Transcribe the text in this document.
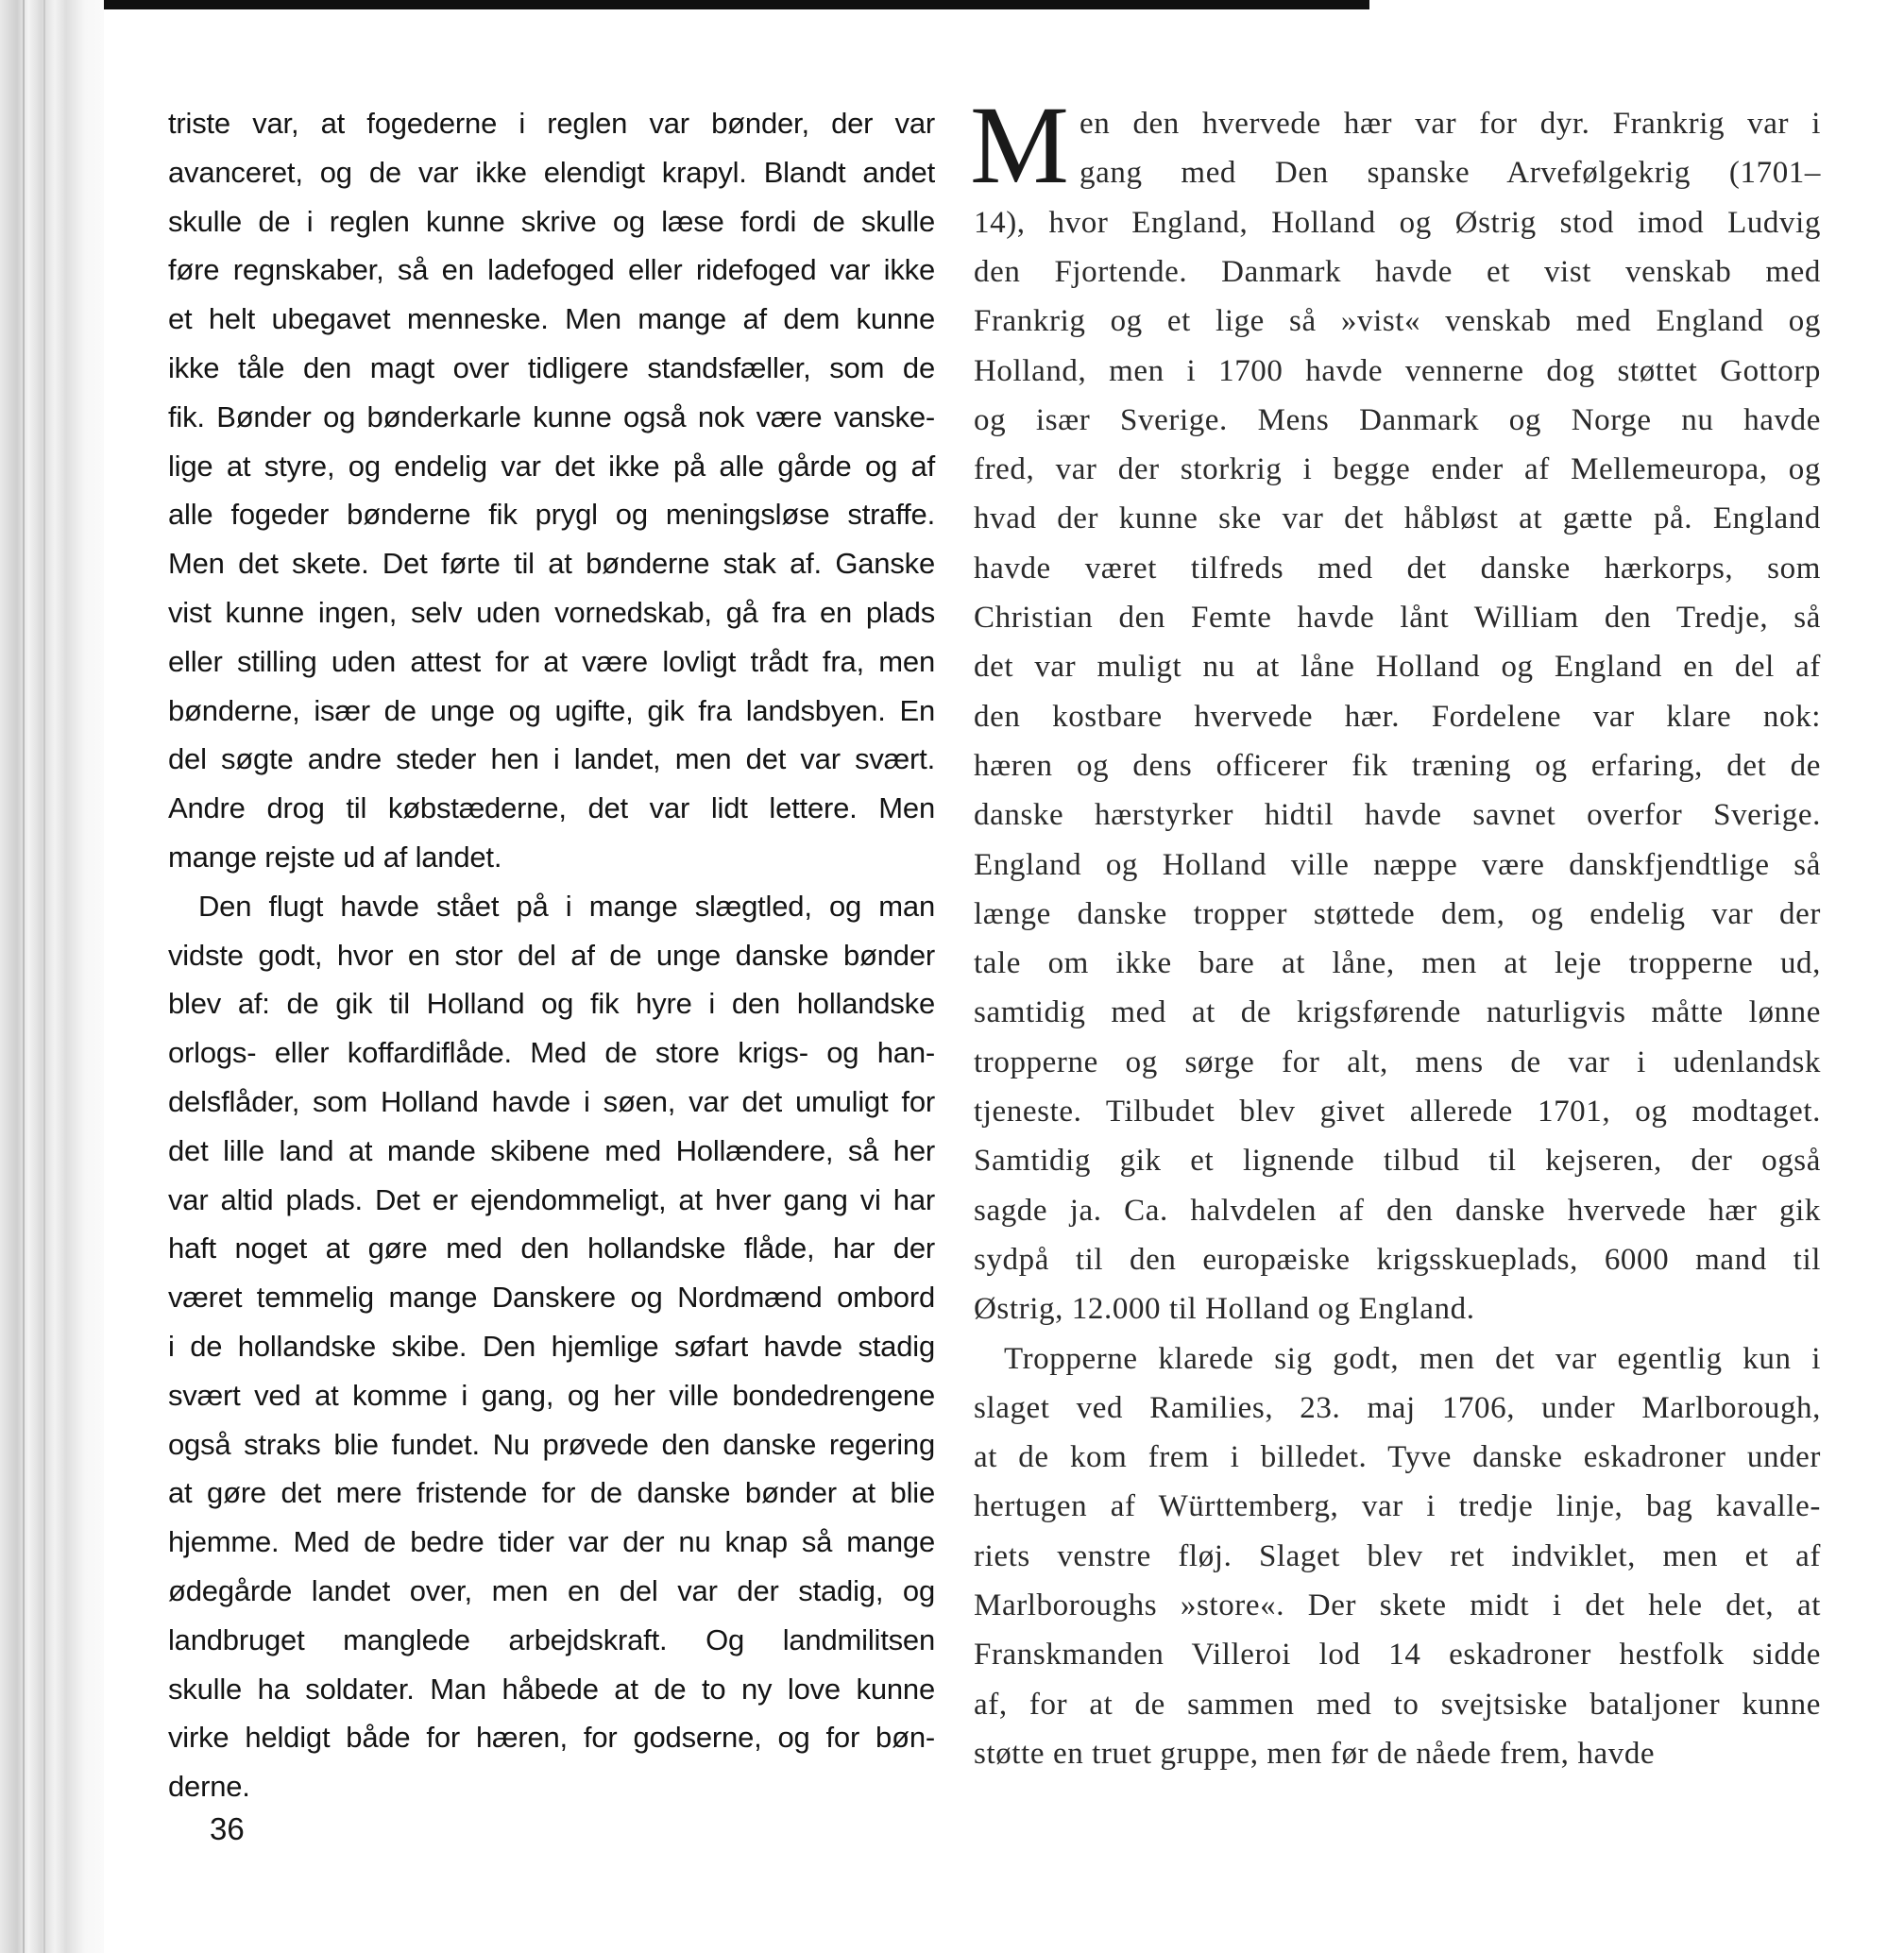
triste var, at fogederne i reglen var bønder, der var
avanceret, og de var ikke elendigt krapyl. Blandt andet
skulle de i reglen kunne skrive og læse fordi de skulle
føre regnskaber, så en ladefoged eller ridefoged var ikke
et helt ubegavet menneske. Men mange af dem kunne
ikke tåle den magt over tidligere standsfæller, som de
fik. Bønder og bønderkarle kunne også nok være vanske-
lige at styre, og endelig var det ikke på alle gårde og af
alle fogeder bønderne fik prygl og meningsløse straffe.
Men det skete. Det førte til at bønderne stak af. Ganske
vist kunne ingen, selv uden vornedskab, gå fra en plads
eller stilling uden attest for at være lovligt trådt fra, men
bønderne, især de unge og ugifte, gik fra landsbyen. En
del søgte andre steder hen i landet, men det var svært.
Andre drog til købstæderne, det var lidt lettere. Men
mange rejste ud af landet.
Den flugt havde stået på i mange slægtled, og man
vidste godt, hvor en stor del af de unge danske bønder
blev af: de gik til Holland og fik hyre i den hollandske
orlogs- eller koffardiflåde. Med de store krigs- og han-
delsflåder, som Holland havde i søen, var det umuligt for
det lille land at mande skibene med Hollændere, så her
var altid plads. Det er ejendommeligt, at hver gang vi har
haft noget at gøre med den hollandske flåde, har der
været temmelig mange Danskere og Nordmænd ombord
i de hollandske skibe. Den hjemlige søfart havde stadig
svært ved at komme i gang, og her ville bondedrengene
også straks blie fundet. Nu prøvede den danske regering
at gøre det mere fristende for de danske bønder at blie
hjemme. Med de bedre tider var der nu knap så mange
ødegårde landet over, men en del var der stadig, og
landbruget manglede arbejdskraft. Og landmilitsen
skulle ha soldater. Man håbede at de to ny love kunne
virke heldigt både for hæren, for godserne, og for bøn-
derne.
M en den hvervede hær var for dyr. Frankrig var i
gang med Den spanske Arvefølgekrig (1701–
14), hvor England, Holland og Østrig stod imod Ludvig
den Fjortende. Danmark havde et vist venskab med
Frankrig og et lige så »vist« venskab med England og
Holland, men i 1700 havde vennerne dog støttet Gottorp
og især Sverige. Mens Danmark og Norge nu havde
fred, var der storkrig i begge ender af Mellemeuropa, og
hvad der kunne ske var det håbløst at gætte på. England
havde været tilfreds med det danske hærkorps, som
Christian den Femte havde lånt William den Tredje, så
det var muligt nu at låne Holland og England en del af
den kostbare hvervede hær. Fordelene var klare nok:
hæren og dens officerer fik træning og erfaring, det de
danske hærstyrker hidtil havde savnet overfor Sverige.
England og Holland ville næppe være danskfjendtlige så
længe danske tropper støttede dem, og endelig var der
tale om ikke bare at låne, men at leje tropperne ud,
samtidig med at de krigsførende naturligvis måtte lønne
tropperne og sørge for alt, mens de var i udenlandsk
tjeneste. Tilbudet blev givet allerede 1701, og modtaget.
Samtidig gik et lignende tilbud til kejseren, der også
sagde ja. Ca. halvdelen af den danske hvervede hær gik
sydpå til den europæiske krigsskueplads, 6000 mand til
Østrig, 12.000 til Holland og England.
Tropperne klarede sig godt, men det var egentlig kun i
slaget ved Ramilies, 23. maj 1706, under Marlborough,
at de kom frem i billedet. Tyve danske eskadroner under
hertugen af Württemberg, var i tredje linje, bag kavalle-
riets venstre fløj. Slaget blev ret indviklet, men et af
Marlboroughs »store«. Der skete midt i det hele det, at
Franskmanden Villeroi lod 14 eskadroner hestfolk sidde
af, for at de sammen med to svejtsiske bataljoner kunne
støtte en truet gruppe, men før de nåede frem, havde
36
